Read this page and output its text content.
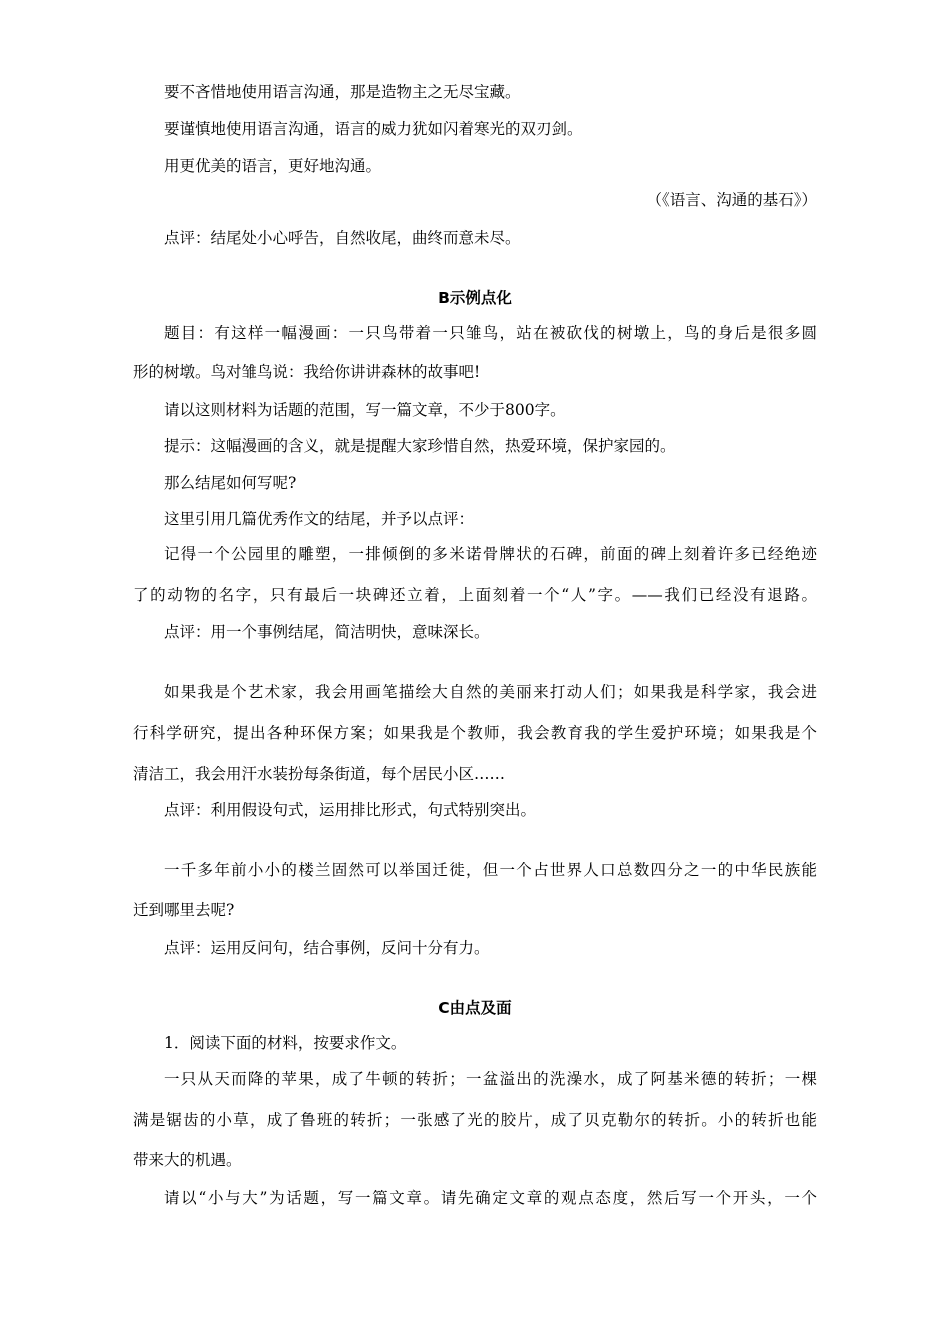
要不吝惜地使用语言沟通，那是造物主之无尽宝藏。
要谨慎地使用语言沟通，语言的威力犹如闪着寒光的双刃剑。
用更优美的语言，更好地沟通。
（《语言、沟通的基石》）
点评：结尾处小心呼告，自然收尾，曲终而意未尽。
B示例点化
题目：有这样一幅漫画：一只鸟带着一只雏鸟，站在被砍伐的树墩上，鸟的身后是很多圆
形的树墩。鸟对雏鸟说：我给你讲讲森林的故事吧!
请以这则材料为话题的范围，写一篇文章，不少于800字。
提示：这幅漫画的含义，就是提醒大家珍惜自然，热爱环境，保护家园的。
那么结尾如何写呢?
这里引用几篇优秀作文的结尾，并予以点评：
记得一个公园里的雕塑，一排倾倒的多米诺骨牌状的石碑，前面的碑上刻着许多已经绝迹
了的动物的名字，只有最后一块碑还立着，上面刻着一个“人”字。——我们已经没有退路。
点评：用一个事例结尾，简洁明快，意味深长。
如果我是个艺术家，我会用画笔描绘大自然的美丽来打动人们；如果我是科学家，我会进
行科学研究，提出各种环保方案；如果我是个教师，我会教育我的学生爱护环境；如果我是个
清洁工，我会用汗水装扮每条街道，每个居民小区……
点评：利用假设句式，运用排比形式，句式特别突出。
一千多年前小小的楼兰固然可以举国迁徙，但一个占世界人口总数四分之一的中华民族能
迁到哪里去呢?
点评：运用反问句，结合事例，反问十分有力。
C由点及面
1．阅读下面的材料，按要求作文。
一只从天而降的苹果，成了牛顿的转折；一盆溢出的洗澡水，成了阿基米德的转折；一棵
满是锯齿的小草，成了鲁班的转折；一张感了光的胶片，成了贝克勒尔的转折。小的转折也能
带来大的机遇。
请以“小与大”为话题，写一篇文章。请先确定文章的观点态度，然后写一个开头，一个
